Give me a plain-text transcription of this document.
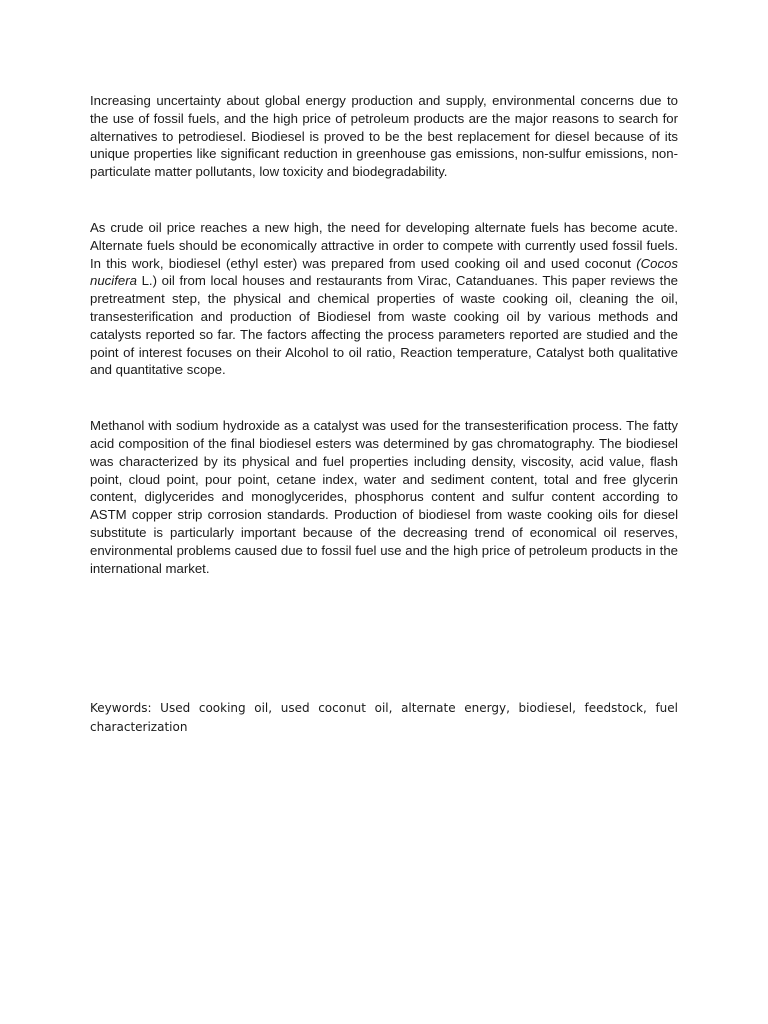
Increasing uncertainty about global energy production and supply, environmental concerns due to the use of fossil fuels, and the high price of petroleum products are the major reasons to search for alternatives to petrodiesel. Biodiesel is proved to be the best replacement for diesel because of its unique properties like significant reduction in greenhouse gas emissions, non-sulfur emissions, non-particulate matter pollutants, low toxicity and biodegradability.

As crude oil price reaches a new high, the need for developing alternate fuels has become acute. Alternate fuels should be economically attractive in order to compete with currently used fossil fuels. In this work, biodiesel (ethyl ester) was prepared from used cooking oil and used coconut (Cocos nucifera L.) oil from local houses and restaurants from Virac, Catanduanes. This paper reviews the pretreatment step, the physical and chemical properties of waste cooking oil, cleaning the oil, transesterification and production of Biodiesel from waste cooking oil by various methods and catalysts reported so far. The factors affecting the process parameters reported are studied and the point of interest focuses on their Alcohol to oil ratio, Reaction temperature, Catalyst both qualitative and quantitative scope.

Methanol with sodium hydroxide as a catalyst was used for the transesterification process. The fatty acid composition of the final biodiesel esters was determined by gas chromatography. The biodiesel was characterized by its physical and fuel properties including density, viscosity, acid value, flash point, cloud point, pour point, cetane index, water and sediment content, total and free glycerin content, diglycerides and monoglycerides, phosphorus content and sulfur content according to ASTM copper strip corrosion standards. Production of biodiesel from waste cooking oils for diesel substitute is particularly important because of the decreasing trend of economical oil reserves, environmental problems caused due to fossil fuel use and the high price of petroleum products in the international market.

Keywords: Used cooking oil, used coconut oil, alternate energy, biodiesel, feedstock, fuel characterization
